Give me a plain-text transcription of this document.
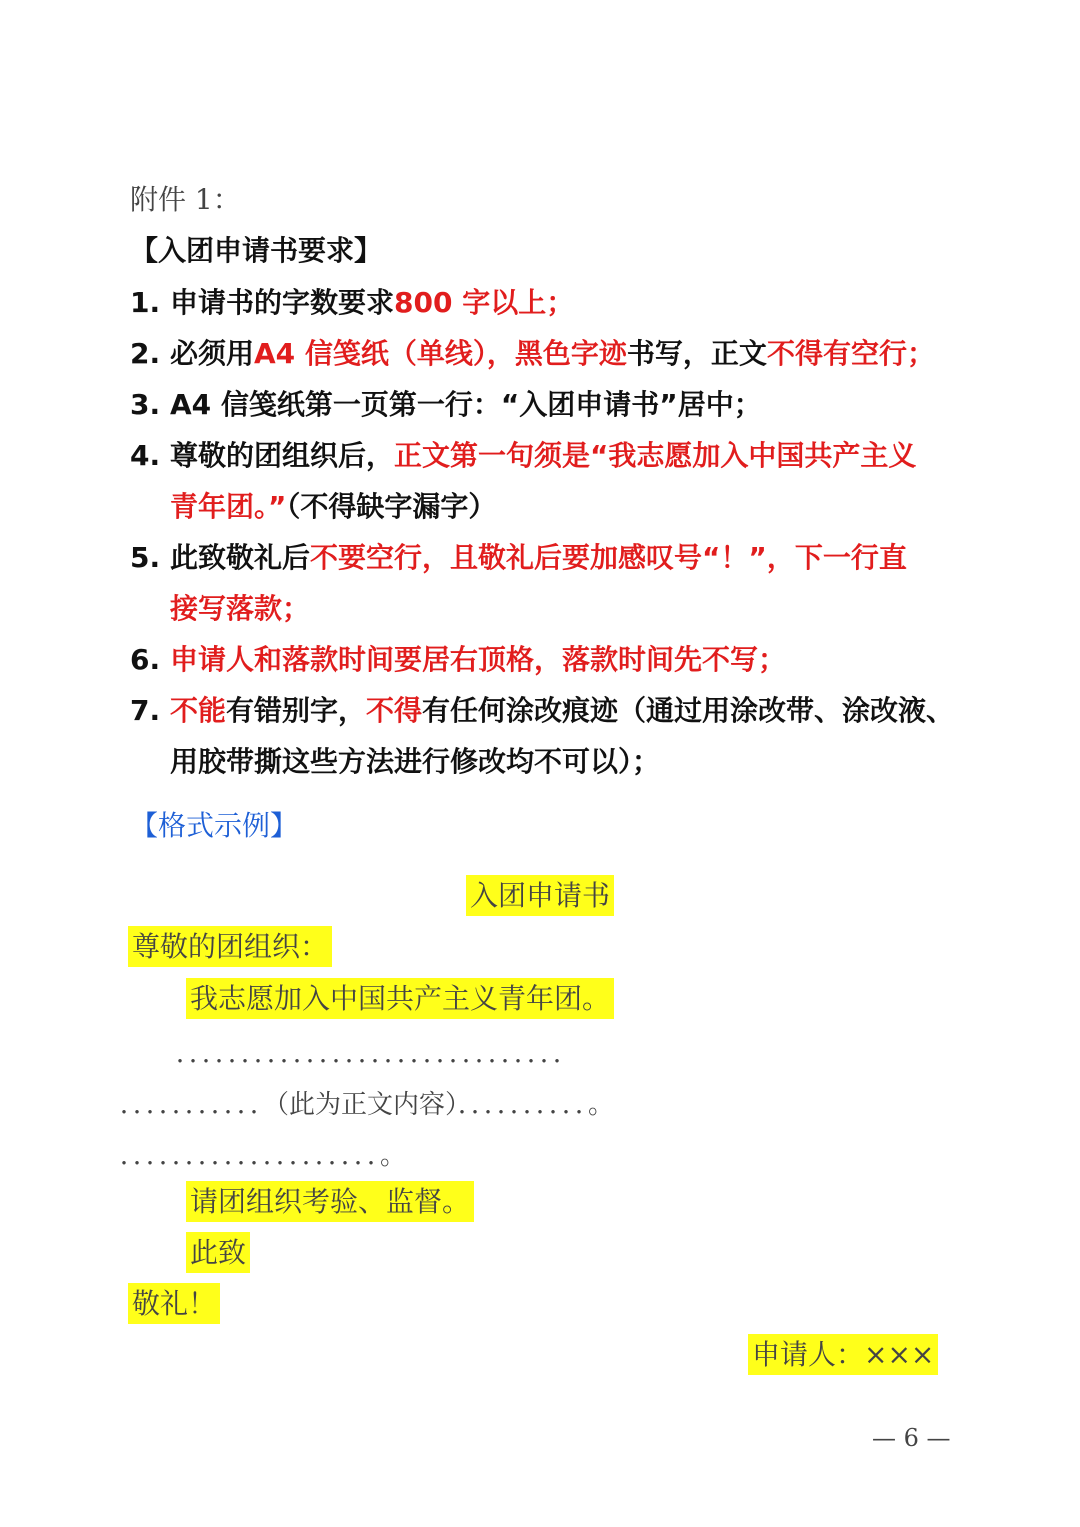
附件 1：
【入团申请书要求】
1. 申请书的字数要求800 字以上；
2. 必须用A4 信笺纸（单线），黑色字迹书写，正文不得有空行；
3. A4 信笺纸第一页第一行：“入团申请书”居中；
4. 尊敬的团组织后，正文第一句须是“我志愿加入中国共产主义
青年团。”（不得缺字漏字）
5. 此致敬礼后不要空行，且敬礼后要加感叹号“！”，下一行直
接写落款；
6. 申请人和落款时间要居右顶格，落款时间先不写；
7. 不能有错别字，不得有任何涂改痕迹（通过用涂改带、涂改液、
用胶带撕这些方法进行修改均不可以）；
【格式示例】
入团申请书
尊敬的团组织：
我志愿加入中国共产主义青年团。
．．．．．．．．．．．．．．．．．．．．．．．．．．．．．．
．．．．．．．．．．．（此为正文内容）．．．．．．．．．．。
．．．．．．．．．．．．．．．．．．．．。
请团组织考验、监督。
此致
敬礼！
申请人：×××
— 6 —
